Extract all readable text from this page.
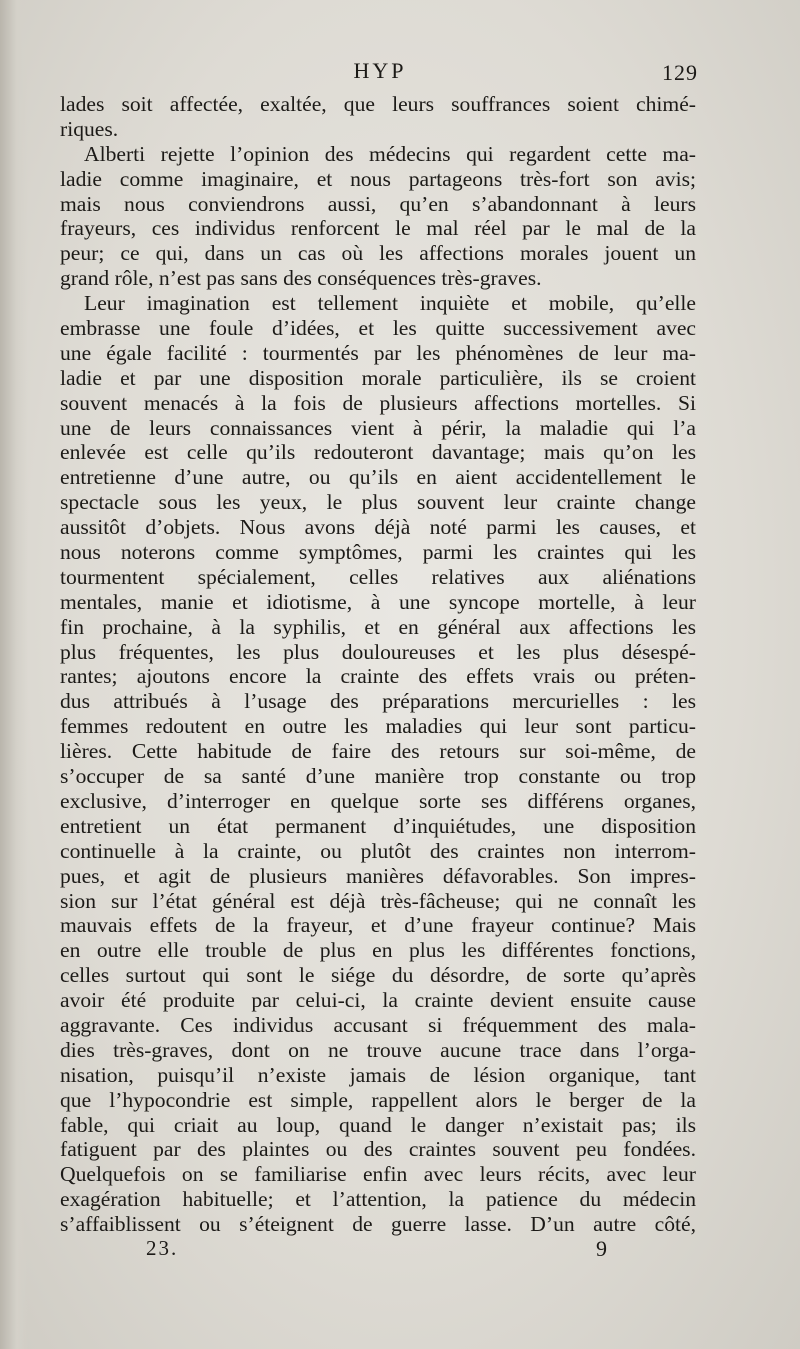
HYP	129
lades soit affectée, exaltée, que leurs souffrances soient chimé-
riques.
Alberti rejette l’opinion des médecins qui regardent cette ma-
ladie comme imaginaire, et nous partageons très-fort son avis;
mais nous conviendrons aussi, qu’en s’abandonnant à leurs
frayeurs, ces individus renforcent le mal réel par le mal de la
peur; ce qui, dans un cas où les affections morales jouent un
grand rôle, n’est pas sans des conséquences très-graves.
Leur imagination est tellement inquiète et mobile, qu’elle
embrasse une foule d’idées, et les quitte successivement avec
une égale facilité : tourmentés par les phénomènes de leur ma-
ladie et par une disposition morale particulière, ils se croient
souvent menacés à la fois de plusieurs affections mortelles. Si
une de leurs connaissances vient à périr, la maladie qui l’a
enlevée est celle qu’ils redouteront davantage; mais qu’on les
entretienne d’une autre, ou qu’ils en aient accidentellement le
spectacle sous les yeux, le plus souvent leur crainte change
aussitôt d’objets. Nous avons déjà noté parmi les causes, et
nous noterons comme symptômes, parmi les craintes qui les
tourmentent spécialement, celles relatives aux aliénations
mentales, manie et idiotisme, à une syncope mortelle, à leur
fin prochaine, à la syphilis, et en général aux affections les
plus fréquentes, les plus douloureuses et les plus désespé-
rantes; ajoutons encore la crainte des effets vrais ou préten-
dus attribués à l’usage des préparations mercurielles : les
femmes redoutent en outre les maladies qui leur sont particu-
lières. Cette habitude de faire des retours sur soi-même, de
s’occuper de sa santé d’une manière trop constante ou trop
exclusive, d’interroger en quelque sorte ses différens organes,
entretient un état permanent d’inquiétudes, une disposition
continuelle à la crainte, ou plutôt des craintes non interrom-
pues, et agit de plusieurs manières défavorables. Son impres-
sion sur l’état général est déjà très-fâcheuse; qui ne connaît les
mauvais effets de la frayeur, et d’une frayeur continue? Mais
en outre elle trouble de plus en plus les différentes fonctions,
celles surtout qui sont le siége du désordre, de sorte qu’après
avoir été produite par celui-ci, la crainte devient ensuite cause
aggravante. Ces individus accusant si fréquemment des mala-
dies très-graves, dont on ne trouve aucune trace dans l’orga-
nisation, puisqu’il n’existe jamais de lésion organique, tant
que l’hypocondrie est simple, rappellent alors le berger de la
fable, qui criait au loup, quand le danger n’existait pas; ils
fatiguent par des plaintes ou des craintes souvent peu fondées.
Quelquefois on se familiarise enfin avec leurs récits, avec leur
exagération habituelle; et l’attention, la patience du médecin
s’affaiblissent ou s’éteignent de guerre lasse. D’un autre côté,
23.	9
